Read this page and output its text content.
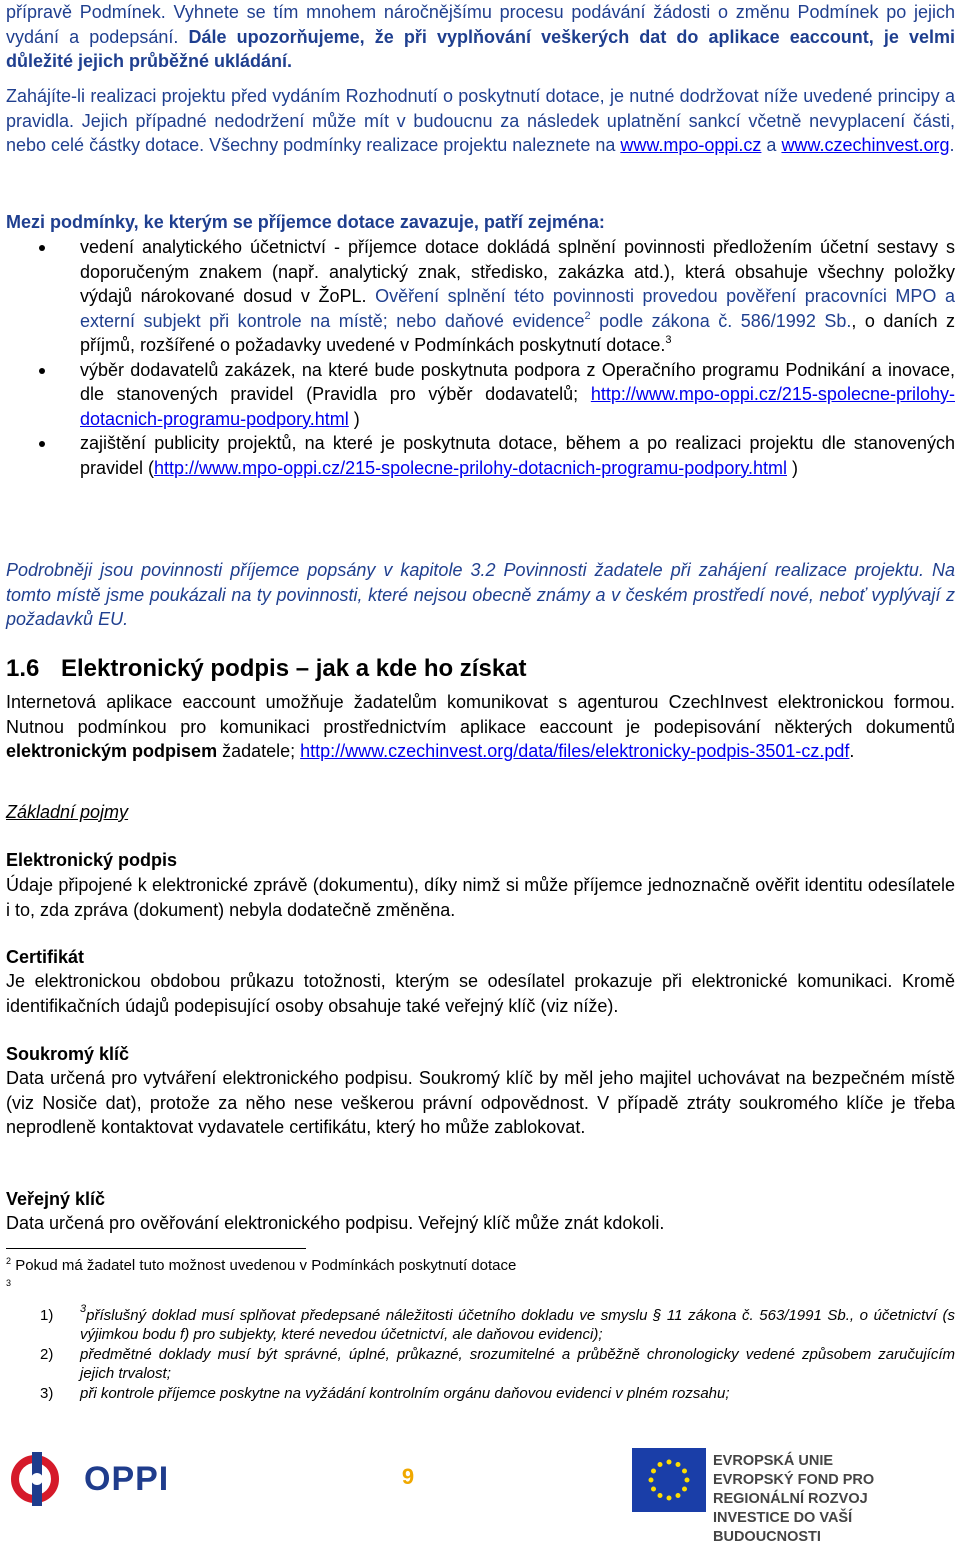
přípravě Podmínek. Vyhnete se tím mnohem náročnějšímu procesu podávání žádosti o změnu Podmínek po jejich vydání a podepsání. Dále upozorňujeme, že při vyplňování veškerých dat do aplikace eaccount, je velmi důležité jejich průběžné ukládání.

Zahájíte-li realizaci projektu před vydáním Rozhodnutí o poskytnutí dotace, je nutné dodržovat níže uvedené principy a pravidla. Jejich případné nedodržení může mít v budoucnu za následek uplatnění sankcí včetně nevyplacení části, nebo celé částky dotace. Všechny podmínky realizace projektu naleznete na www.mpo-oppi.cz a www.czechinvest.org.

Mezi podmínky, ke kterým se příjemce dotace zavazuje, patří zejména:

vedení analytického účetnictví - příjemce dotace dokládá splnění povinnosti předložením účetní sestavy s doporučeným znakem (např. analytický znak, středisko, zakázka atd.), která obsahuje všechny položky výdajů nárokované dosud v ŽoPL. Ověření splnění této povinnosti provedou pověření pracovníci MPO a externí subjekt při kontrole na místě; nebo daňové evidence$^2$ podle zákona č. 586/1992 Sb., o daních z příjmů, rozšířené o požadavky uvedené v Podmínkách poskytnutí dotace.$^3$
výběr dodavatelů zakázek, na které bude poskytnuta podpora z Operačního programu Podnikání a inovace, dle stanovených pravidel (Pravidla pro výběr dodavatelů; http://www.mpo-oppi.cz/215-spolecne-prilohy-dotacnich-programu-podpory.html )
zajištění publicity projektů, na které je poskytnuta dotace, během a po realizaci projektu dle stanovených pravidel (http://www.mpo-oppi.cz/215-spolecne-prilohy-dotacnich-programu-podpory.html )

Podrobněji jsou povinnosti příjemce popsány v kapitole 3.2 Povinnosti žadatele při zahájení realizace projektu. Na tomto místě jsme poukázali na ty povinnosti, které nejsou obecně známy a v českém prostředí nové, neboť vyplývají z požadavků EU.

1.6 Elektronický podpis – jak a kde ho získat

Internetová aplikace eaccount umožňuje žadatelům komunikovat s agenturou CzechInvest elektronickou formou. Nutnou podmínkou pro komunikaci prostřednictvím aplikace eaccount je podepisování některých dokumentů elektronickým podpisem žadatele; http://www.czechinvest.org/data/files/elektronicky-podpis-3501-cz.pdf.

Základní pojmy

Elektronický podpis

Údaje připojené k elektronické zprávě (dokumentu), díky nimž si může příjemce jednoznačně ověřit identitu odesílatele i to, zda zpráva (dokument) nebyla dodatečně změněna.

Certifikát

Je elektronickou obdobou průkazu totožnosti, kterým se odesílatel prokazuje při elektronické komunikaci. Kromě identifikačních údajů podepisující osoby obsahuje také veřejný klíč (viz níže).

Soukromý klíč

Data určená pro vytváření elektronického podpisu. Soukromý klíč by měl jeho majitel uchovávat na bezpečném místě (viz Nosiče dat), protože za něho nese veškerou právní odpovědnost. V případě ztráty soukromého klíče je třeba neprodleně kontaktovat vydavatele certifikátu, který ho může zablokovat.

Veřejný klíč

Data určená pro ověřování elektronického podpisu. Veřejný klíč může znát kdokoli.

$^2$ Pokud má žadatel tuto možnost uvedenou v Podmínkách poskytnutí dotace

$^3$

1)	$^3$příslušný doklad musí splňovat předepsané náležitosti účetního dokladu ve smyslu § 11 zákona č. 563/1991 Sb., o účetnictví (s výjimkou bodu f) pro subjekty, které nevedou účetnictví, ale daňovou evidenci);
2)	předmětné doklady musí být správné, úplné, průkazné, srozumitelné a průběžně chronologicky vedené způsobem zaručujícím jejich trvalost;
3)	při kontrole příjemce poskytne na vyžádání kontrolním orgánu daňovou evidenci v plném rozsahu;
OPPI	9
EVROPSKÁ UNIE
EVROPSKÝ FOND PRO REGIONÁLNÍ ROZVOJ
INVESTICE DO VAŠÍ BUDOUCNOSTI
